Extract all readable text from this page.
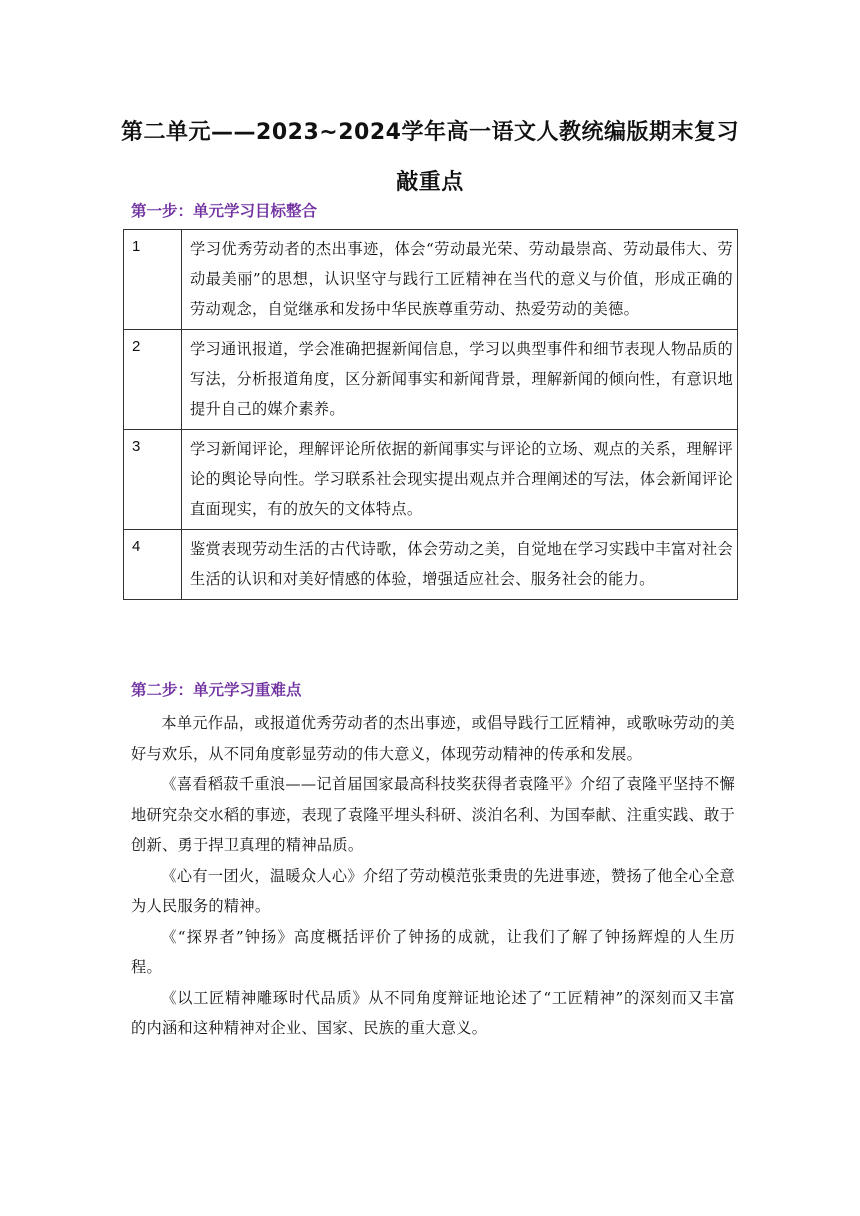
第二单元——2023~2024学年高一语文人教统编版期末复习敲重点
第一步：单元学习目标整合
1	学习优秀劳动者的杰出事迹，体会“劳动最光荣、劳动最崇高、劳动最伟大、劳动最美丽”的思想，认识坚守与践行工匠精神在当代的意义与价值，形成正确的劳动观念，自觉继承和发扬中华民族尊重劳动、热爱劳动的美德。
2	学习通讯报道，学会准确把握新闻信息，学习以典型事件和细节表现人物品质的写法，分析报道角度，区分新闻事实和新闻背景，理解新闻的倾向性，有意识地提升自己的媒介素养。
3	学习新闻评论，理解评论所依据的新闻事实与评论的立场、观点的关系，理解评论的舆论导向性。学习联系社会现实提出观点并合理阐述的写法，体会新闻评论直面现实，有的放矢的文体特点。
4	鉴赏表现劳动生活的古代诗歌，体会劳动之美，自觉地在学习实践中丰富对社会生活的认识和对美好情感的体验，增强适应社会、服务社会的能力。
第二步：单元学习重难点

本单元作品，或报道优秀劳动者的杰出事迹，或倡导践行工匠精神，或歌咏劳动的美好与欢乐，从不同角度彰显劳动的伟大意义，体现劳动精神的传承和发展。

《喜看稻菽千重浪——记首届国家最高科技奖获得者袁隆平》介绍了袁隆平坚持不懈地研究杂交水稻的事迹，表现了袁隆平埋头科研、淡泊名利、为国奉献、注重实践、敢于创新、勇于捍卫真理的精神品质。

《心有一团火，温暖众人心》介绍了劳动模范张秉贵的先进事迹，赞扬了他全心全意为人民服务的精神。

《“探界者”钟扬》高度概括评价了钟扬的成就，让我们了解了钟扬辉煌的人生历程。

《以工匠精神雕琢时代品质》从不同角度辩证地论述了“工匠精神”的深刻而又丰富的内涵和这种精神对企业、国家、民族的重大意义。
